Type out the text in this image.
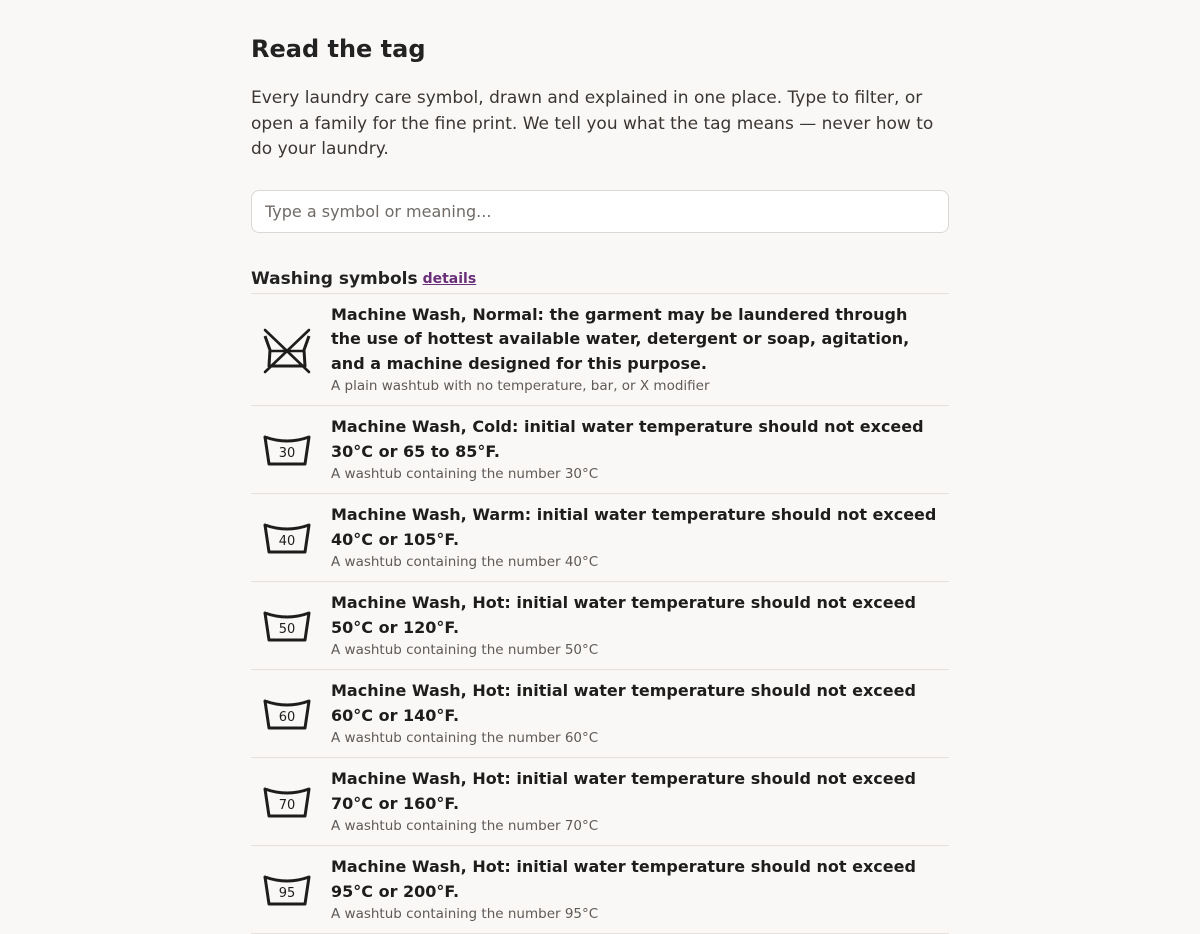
Read the tag

Every laundry care symbol, drawn and explained in one place. Type to filter, or open a family for the fine print. We tell you what the tag means — never how to do your laundry.

Type a symbol or meaning...
Washing symbols details
Machine Wash, Normal: the garment may be laundered through the use of hottest available water, detergent or soap, agitation, and a machine designed for this purpose.
A plain washtub with no temperature, bar, or X modifier
30
Machine Wash, Cold: initial water temperature should not exceed 30°C or 65 to 85°F.
A washtub containing the number 30°C
40
Machine Wash, Warm: initial water temperature should not exceed 40°C or 105°F.
A washtub containing the number 40°C
50
Machine Wash, Hot: initial water temperature should not exceed 50°C or 120°F.
A washtub containing the number 50°C
60
Machine Wash, Hot: initial water temperature should not exceed 60°C or 140°F.
A washtub containing the number 60°C
70
Machine Wash, Hot: initial water temperature should not exceed 70°C or 160°F.
A washtub containing the number 70°C
95
Machine Wash, Hot: initial water temperature should not exceed 95°C or 200°F.
A washtub containing the number 95°C
